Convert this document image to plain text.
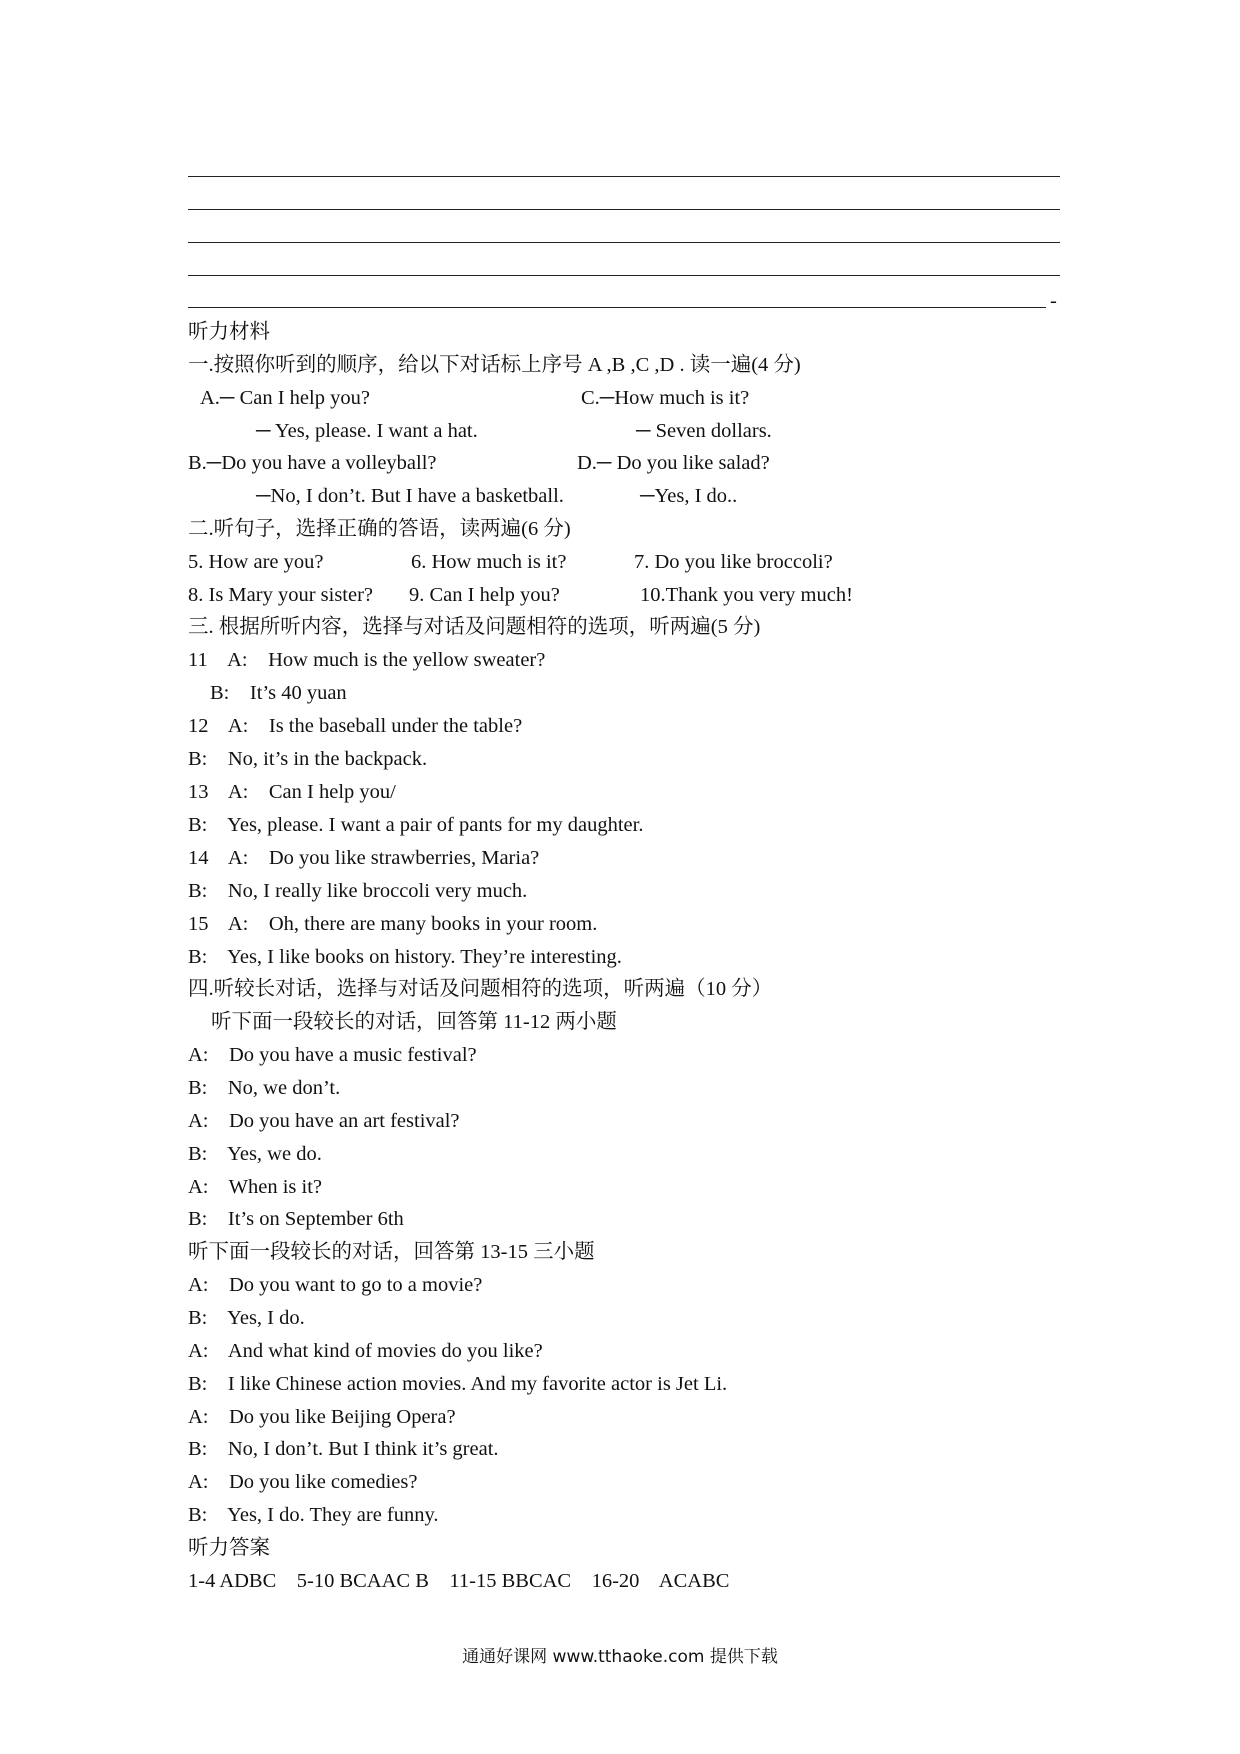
-
听力材料
一.按照你听到的顺序，给以下对话标上序号 A ,B ,C ,D . 读一遍(4 分)
A.─ Can I help you?	C.─How much is it?
─ Yes, please. I want a hat.	─ Seven dollars.
B.─Do you have a volleyball?	D.─ Do you like salad?
─No, I don’t. But I have a basketball.	─Yes, I do..
二.听句子，选择正确的答语，读两遍(6 分)
5. How are you?	6. How much is it?	7. Do you like broccoli?
8. Is Mary your sister? 9. Can I help you?	10.Thank you very much!
三. 根据所听内容，选择与对话及问题相符的选项，听两遍(5 分)
11    A:    How much is the yellow sweater?
B:    It’s 40 yuan
12    A:    Is the baseball under the table?
B:    No, it’s in the backpack.
13    A:    Can I help you/
B:    Yes, please. I want a pair of pants for my daughter.
14    A:    Do you like strawberries, Maria?
B:    No, I really like broccoli very much.
15    A:    Oh, there are many books in your room.
B:    Yes, I like books on history. They’re interesting.
四.听较长对话，选择与对话及问题相符的选项，听两遍（10 分）
听下面一段较长的对话，回答第 11-12 两小题
A:    Do you have a music festival?
B:    No, we don’t.
A:    Do you have an art festival?
B:    Yes, we do.
A:    When is it?
B:    It’s on September 6th
听下面一段较长的对话，回答第 13-15 三小题
A:    Do you want to go to a movie?
B:    Yes, I do.
A:    And what kind of movies do you like?
B:    I like Chinese action movies. And my favorite actor is Jet Li.
A:    Do you like Beijing Opera?
B:    No, I don’t. But I think it’s great.
A:    Do you like comedies?
B:    Yes, I do. They are funny.
听力答案
1-4 ADBC    5-10 BCAAC B    11-15 BBCAC    16-20    ACABC
通通好课网 www.tthaoke.com 提供下载
